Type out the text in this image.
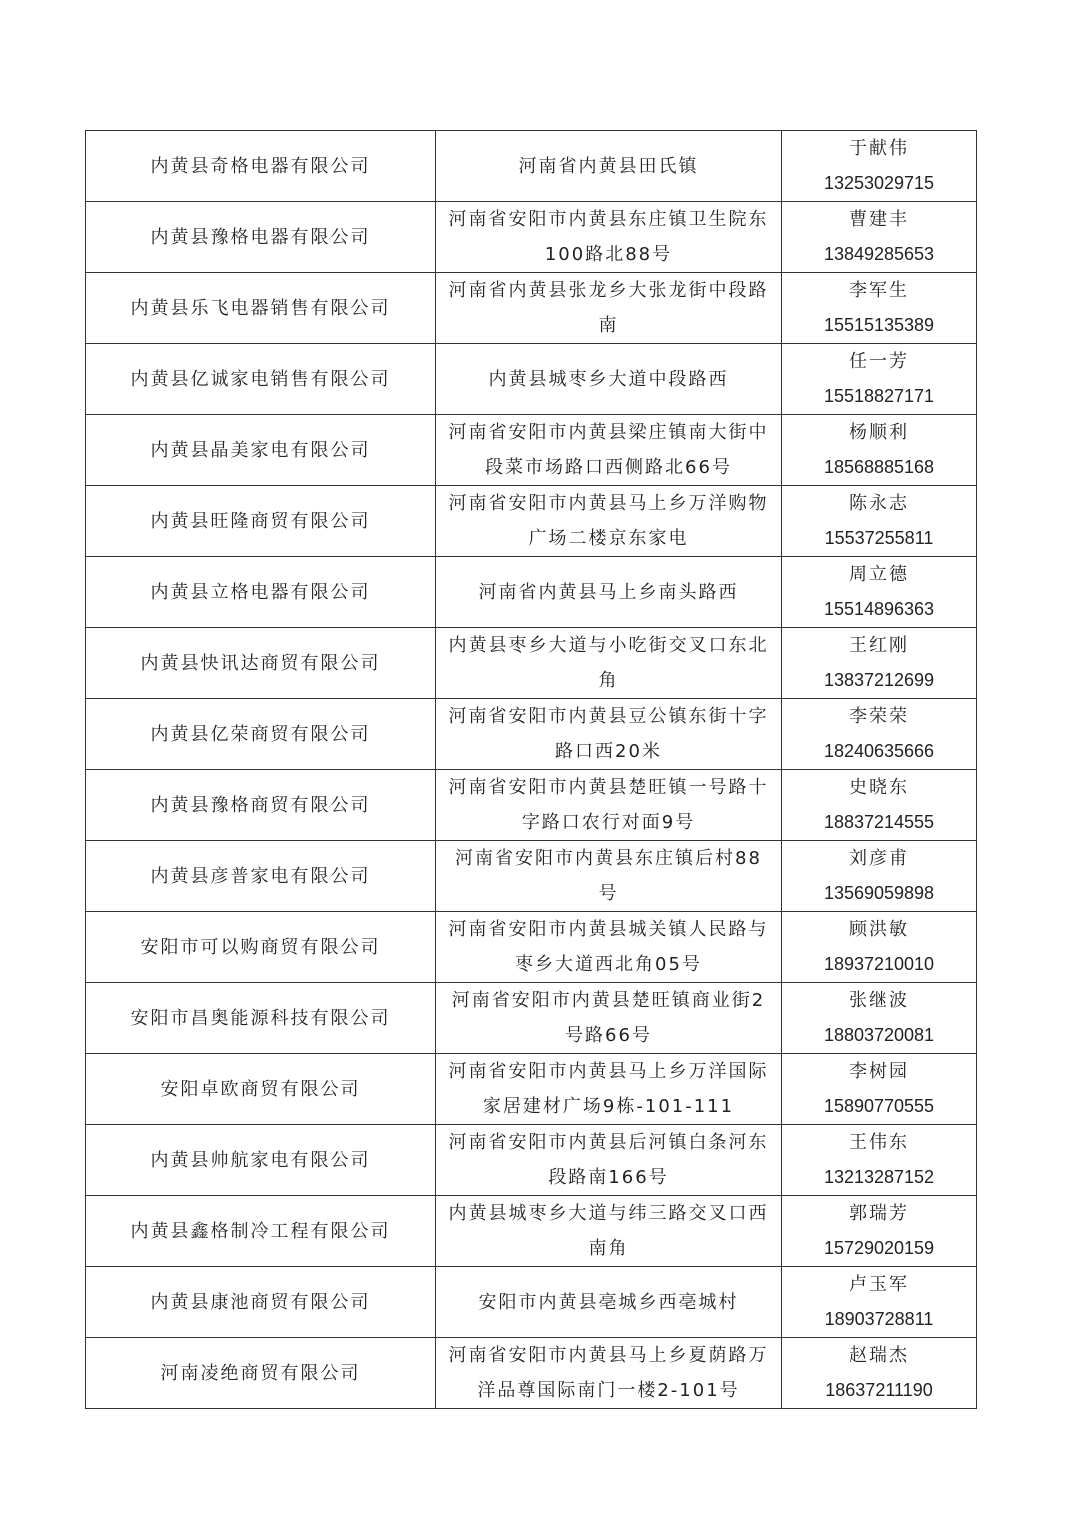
内黄县奇格电器有限公司	河南省内黄县田氏镇	于献伟
13253029715

内黄县豫格电器有限公司	河南省安阳市内黄县东庄镇卫生院东100路北88号	曹建丰
13849285653

内黄县乐飞电器销售有限公司	河南省内黄县张龙乡大张龙街中段路南	李军生
15515135389

内黄县亿诚家电销售有限公司	内黄县城枣乡大道中段路西	任一芳
15518827171

内黄县晶美家电有限公司	河南省安阳市内黄县梁庄镇南大街中段菜市场路口西侧路北66号	杨顺利
18568885168

内黄县旺隆商贸有限公司	河南省安阳市内黄县马上乡万洋购物广场二楼京东家电	陈永志
15537255811

内黄县立格电器有限公司	河南省内黄县马上乡南头路西	周立德
15514896363

内黄县快讯达商贸有限公司	内黄县枣乡大道与小吃街交叉口东北角	王红刚
13837212699

内黄县亿荣商贸有限公司	河南省安阳市内黄县豆公镇东街十字路口西20米	李荣荣
18240635666

内黄县豫格商贸有限公司	河南省安阳市内黄县楚旺镇一号路十字路口农行对面9号	史晓东
18837214555

内黄县彦普家电有限公司	河南省安阳市内黄县东庄镇后村88号	刘彦甫
13569059898

安阳市可以购商贸有限公司	河南省安阳市内黄县城关镇人民路与枣乡大道西北角05号	顾洪敏
18937210010

安阳市昌奥能源科技有限公司	河南省安阳市内黄县楚旺镇商业街2号路66号	张继波
18803720081

安阳卓欧商贸有限公司	河南省安阳市内黄县马上乡万洋国际家居建材广场9栋-101-111	李树园
15890770555

内黄县帅航家电有限公司	河南省安阳市内黄县后河镇白条河东段路南166号	王伟东
13213287152

内黄县鑫格制冷工程有限公司	内黄县城枣乡大道与纬三路交叉口西南角	郭瑞芳
15729020159

内黄县康池商贸有限公司	安阳市内黄县亳城乡西亳城村	卢玉军
18903728811

河南凌绝商贸有限公司	河南省安阳市内黄县马上乡夏荫路万洋品尊国际南门一楼2-101号	赵瑞杰
18637211190
